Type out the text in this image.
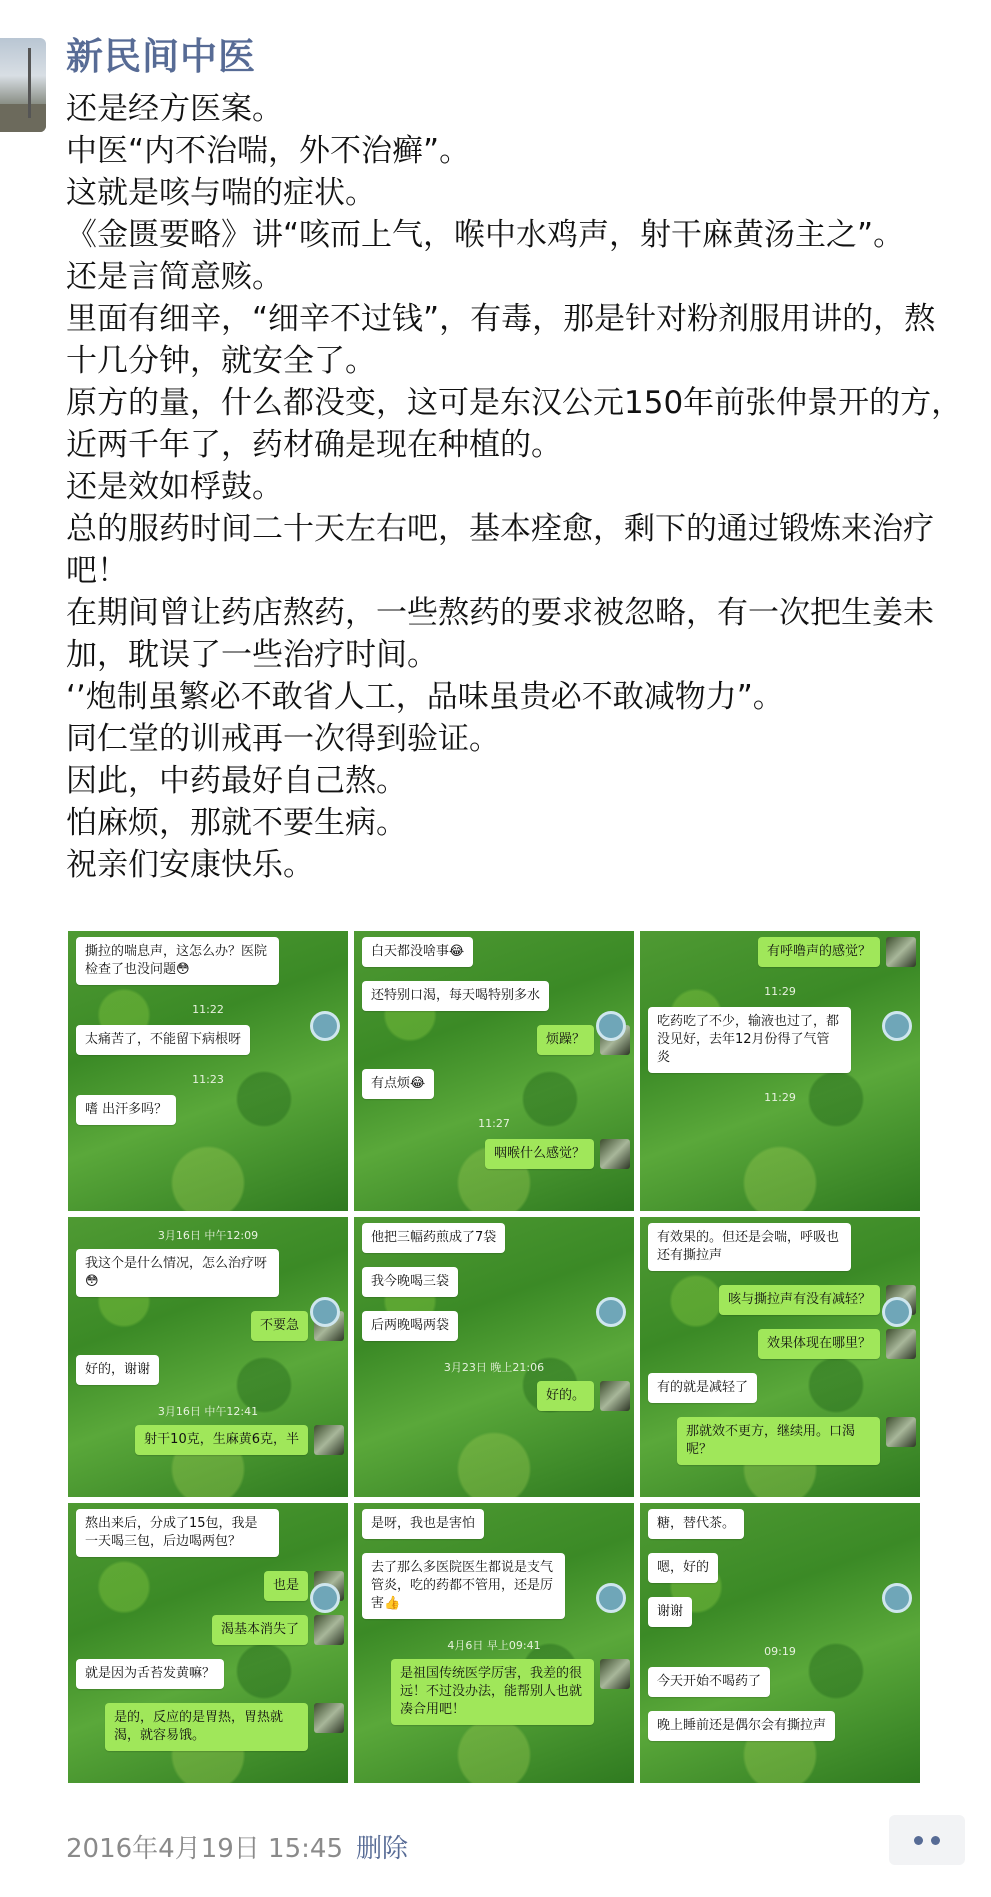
新民间中医

还是经方医案。

中医“内不治喘，外不治癣”。

这就是咳与喘的症状。

《金匮要略》讲“咳而上气，喉中水鸡声，射干麻黄汤主之”。

还是言简意赅。

里面有细辛，“细辛不过钱”，有毒，那是针对粉剂服用讲的，熬十几分钟，就安全了。

原方的量，什么都没变，这可是东汉公元150年前张仲景开的方，近两千年了，药材确是现在种植的。

还是效如桴鼓。

总的服药时间二十天左右吧，基本痊愈，剩下的通过锻炼来治疗吧！

在期间曾让药店熬药，一些熬药的要求被忽略，有一次把生姜未加，耽误了一些治疗时间。

‘’炮制虽繁必不敢省人工，品味虽贵必不敢减物力”。

同仁堂的训戒再一次得到验证。

因此，中药最好自己熬。

怕麻烦，那就不要生病。

祝亲们安康快乐。

撕拉的喘息声，这怎么办？医院检查了也没问题😳
11:22
太痛苦了，不能留下病根呀
11:23
嗜 出汗多吗？
白天都没啥事😂
还特别口渴，每天喝特别多水
烦躁？
有点烦😂
11:27
咽喉什么感觉？
有呼噜声的感觉？
11:29
吃药吃了不少，输液也过了，都没见好，去年12月份得了气管炎
11:29
3月16日 中午12:09
我这个是什么情况，怎么治疗呀😳
不要急
好的，谢谢
3月16日 中午12:41
射干10克，生麻黄6克，半
他把三幅药煎成了7袋
我今晚喝三袋
后两晚喝两袋
3月23日 晚上21:06
好的。
有效果的。但还是会喘，呼吸也还有撕拉声
咳与撕拉声有没有减轻？
效果体现在哪里？
有的就是减轻了
那就效不更方，继续用。口渴呢？
熬出来后，分成了15包，我是一天喝三包，后边喝两包？
也是
渴基本消失了
就是因为舌苔发黄嘛？
是的，反应的是胃热，胃热就渴，就容易饿。
是呀，我也是害怕
去了那么多医院医生都说是支气管炎，吃的药都不管用，还是厉害👍
4月6日 早上09:41
是祖国传统医学厉害，我差的很远！不过没办法，能帮别人也就凑合用吧！
糖，替代茶。
嗯，好的
谢谢
09:19
今天开始不喝药了
晚上睡前还是偶尔会有撕拉声
2016年4月19日 15:45 删除
